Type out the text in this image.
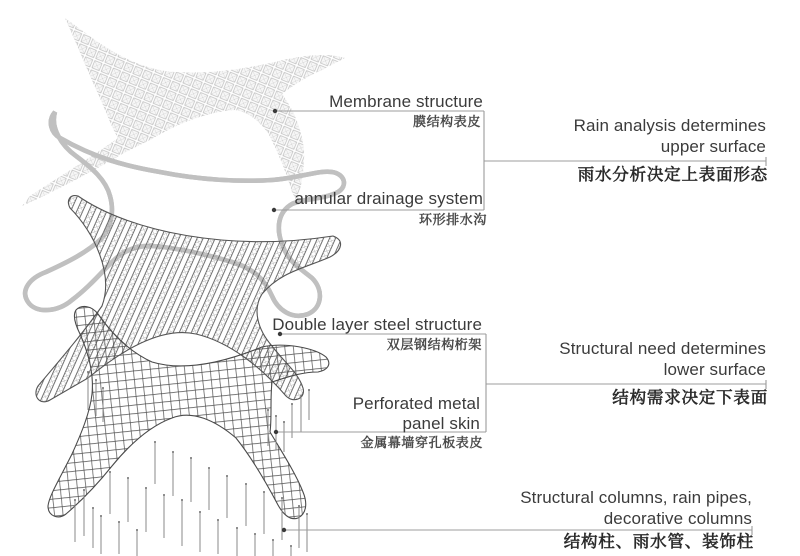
Membrane structure
膜结构表皮
annular drainage system
环形排水沟
Double layer steel structure
双层钢结构桁架
Perforated metal
panel skin
金属幕墙穿孔板表皮
Rain analysis determines
upper surface
雨水分析决定上表面形态
Structural need determines
lower surface
结构需求决定下表面
Structural columns, rain pipes,
decorative columns
结构柱、雨水管、装饰柱
